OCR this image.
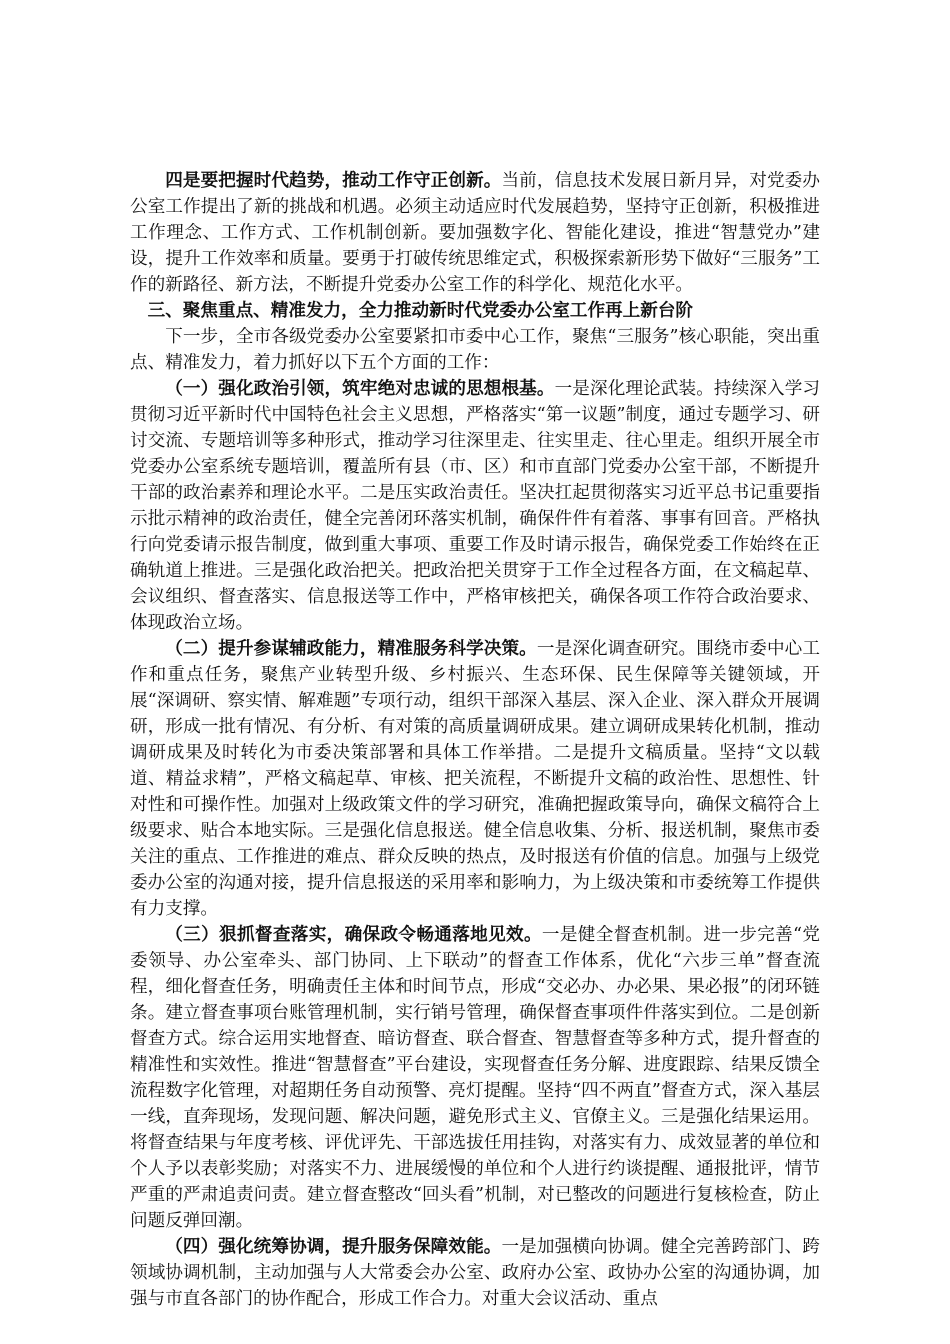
四是要把握时代趋势，推动工作守正创新。当前，信息技术发展日新月异，对党委办公室工作提出了新的挑战和机遇。必须主动适应时代发展趋势，坚持守正创新，积极推进工作理念、工作方式、工作机制创新。要加强数字化、智能化建设，推进“智慧党办”建设，提升工作效率和质量。要勇于打破传统思维定式，积极探索新形势下做好“三服务”工作的新路径、新方法，不断提升党委办公室工作的科学化、规范化水平。

三、聚焦重点、精准发力，全力推动新时代党委办公室工作再上新台阶

下一步，全市各级党委办公室要紧扣市委中心工作，聚焦“三服务”核心职能，突出重点、精准发力，着力抓好以下五个方面的工作：

（一）强化政治引领，筑牢绝对忠诚的思想根基。一是深化理论武装。持续深入学习贯彻习近平新时代中国特色社会主义思想，严格落实“第一议题”制度，通过专题学习、研讨交流、专题培训等多种形式，推动学习往深里走、往实里走、往心里走。组织开展全市党委办公室系统专题培训，覆盖所有县（市、区）和市直部门党委办公室干部，不断提升干部的政治素养和理论水平。二是压实政治责任。坚决扛起贯彻落实习近平总书记重要指示批示精神的政治责任，健全完善闭环落实机制，确保件件有着落、事事有回音。严格执行向党委请示报告制度，做到重大事项、重要工作及时请示报告，确保党委工作始终在正确轨道上推进。三是强化政治把关。把政治把关贯穿于工作全过程各方面，在文稿起草、会议组织、督查落实、信息报送等工作中，严格审核把关，确保各项工作符合政治要求、体现政治立场。

（二）提升参谋辅政能力，精准服务科学决策。一是深化调查研究。围绕市委中心工作和重点任务，聚焦产业转型升级、乡村振兴、生态环保、民生保障等关键领域，开展“深调研、察实情、解难题”专项行动，组织干部深入基层、深入企业、深入群众开展调研，形成一批有情况、有分析、有对策的高质量调研成果。建立调研成果转化机制，推动调研成果及时转化为市委决策部署和具体工作举措。二是提升文稿质量。坚持“文以载道、精益求精”，严格文稿起草、审核、把关流程，不断提升文稿的政治性、思想性、针对性和可操作性。加强对上级政策文件的学习研究，准确把握政策导向，确保文稿符合上级要求、贴合本地实际。三是强化信息报送。健全信息收集、分析、报送机制，聚焦市委关注的重点、工作推进的难点、群众反映的热点，及时报送有价值的信息。加强与上级党委办公室的沟通对接，提升信息报送的采用率和影响力，为上级决策和市委统筹工作提供有力支撑。

（三）狠抓督查落实，确保政令畅通落地见效。一是健全督查机制。进一步完善“党委领导、办公室牵头、部门协同、上下联动”的督查工作体系，优化“六步三单”督查流程，细化督查任务，明确责任主体和时间节点，形成“交必办、办必果、果必报”的闭环链条。建立督查事项台账管理机制，实行销号管理，确保督查事项件件落实到位。二是创新督查方式。综合运用实地督查、暗访督查、联合督查、智慧督查等多种方式，提升督查的精准性和实效性。推进“智慧督查”平台建设，实现督查任务分解、进度跟踪、结果反馈全流程数字化管理，对超期任务自动预警、亮灯提醒。坚持“四不两直”督查方式，深入基层一线，直奔现场，发现问题、解决问题，避免形式主义、官僚主义。三是强化结果运用。将督查结果与年度考核、评优评先、干部选拔任用挂钩，对落实有力、成效显著的单位和个人予以表彰奖励；对落实不力、进展缓慢的单位和个人进行约谈提醒、通报批评，情节严重的严肃追责问责。建立督查整改“回头看”机制，对已整改的问题进行复核检查，防止问题反弹回潮。

（四）强化统筹协调，提升服务保障效能。一是加强横向协调。健全完善跨部门、跨领域协调机制，主动加强与人大常委会办公室、政府办公室、政协办公室的沟通协调，加强与市直各部门的协作配合，形成工作合力。对重大会议活动、重点
